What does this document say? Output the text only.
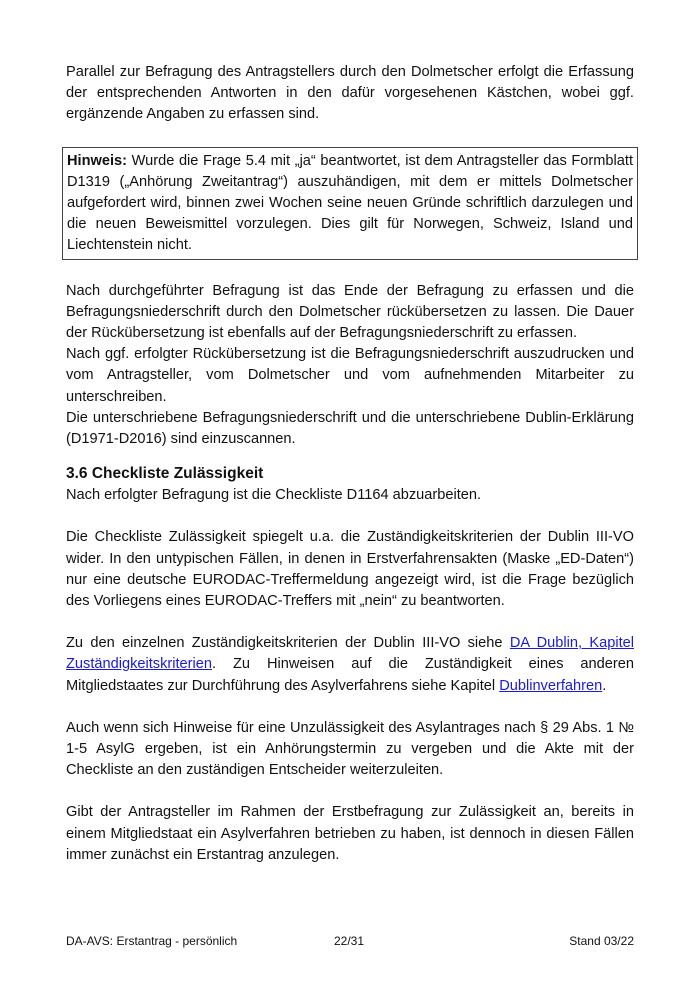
Parallel zur Befragung des Antragstellers durch den Dolmetscher erfolgt die Erfassung der entsprechenden Antworten in den dafür vorgesehenen Kästchen, wobei ggf. ergänzende Angaben zu erfassen sind.

Hinweis: Wurde die Frage 5.4 mit „ja“ beantwortet, ist dem Antragsteller das Formblatt D1319 („Anhörung Zweitantrag“) auszuhändigen, mit dem er mittels Dolmetscher aufgefordert wird, binnen zwei Wochen seine neuen Gründe schriftlich darzulegen und die neuen Beweismittel vorzulegen. Dies gilt für Norwegen, Schweiz, Island und Liechtenstein nicht.

Nach durchgeführter Befragung ist das Ende der Befragung zu erfassen und die Befragungsniederschrift durch den Dolmetscher rückübersetzen zu lassen. Die Dauer der Rückübersetzung ist ebenfalls auf der Befragungsniederschrift zu erfassen.

Nach ggf. erfolgter Rückübersetzung ist die Befragungsniederschrift auszudrucken und vom Antragsteller, vom Dolmetscher und vom aufnehmenden Mitarbeiter zu unterschreiben.

Die unterschriebene Befragungsniederschrift und die unterschriebene Dublin-Erklärung (D1971-D2016) sind einzuscannen.

3.6 Checkliste Zulässigkeit

Nach erfolgter Befragung ist die Checkliste D1164 abzuarbeiten.

Die Checkliste Zulässigkeit spiegelt u.a. die Zuständigkeitskriterien der Dublin III-VO wider. In den untypischen Fällen, in denen in Erstverfahrensakten (Maske „ED-Daten“) nur eine deutsche EURODAC-Treffermeldung angezeigt wird, ist die Frage bezüglich des Vorliegens eines EURODAC-Treffers mit „nein“ zu beantworten.

Zu den einzelnen Zuständigkeitskriterien der Dublin III-VO siehe DA Dublin, Kapitel Zuständigkeitskriterien. Zu Hinweisen auf die Zuständigkeit eines anderen Mitgliedstaates zur Durchführung des Asylverfahrens siehe Kapitel Dublinverfahren.

Auch wenn sich Hinweise für eine Unzulässigkeit des Asylantrages nach § 29 Abs. 1 № 1-5 AsylG ergeben, ist ein Anhörungstermin zu vergeben und die Akte mit der Checkliste an den zuständigen Entscheider weiterzuleiten.

Gibt der Antragsteller im Rahmen der Erstbefragung zur Zulässigkeit an, bereits in einem Mitgliedstaat ein Asylverfahren betrieben zu haben, ist dennoch in diesen Fällen immer zunächst ein Erstantrag anzulegen.

DA-AVS: Erstantrag - persönlich	22/31	Stand 03/22
